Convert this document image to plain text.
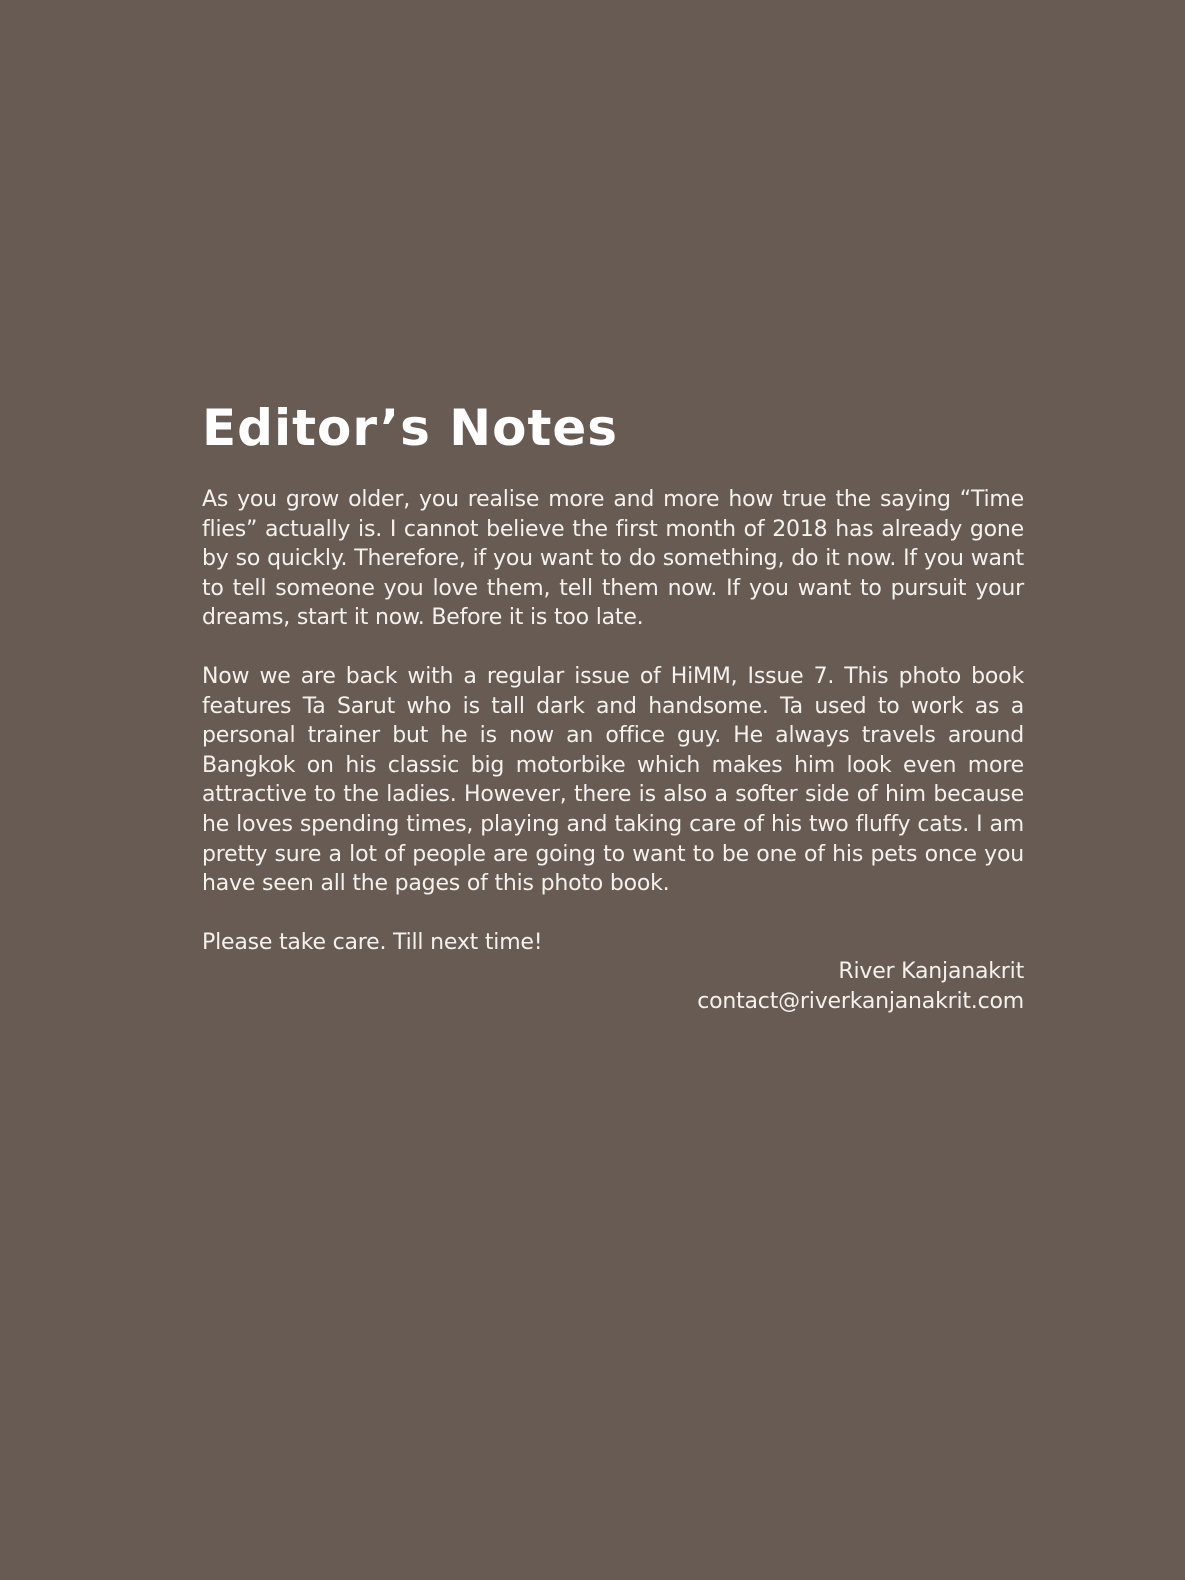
Editor’s Notes

As you grow older, you realise more and more how true the saying “Time flies” actually is. I cannot believe the first month of 2018 has already gone by so quickly. Therefore, if you want to do something, do it now. If you want to tell someone you love them, tell them now. If you want to pursuit your dreams, start it now. Before it is too late.

Now we are back with a regular issue of HiMM, Issue 7. This photo book features Ta Sarut who is tall dark and handsome. Ta used to work as a personal trainer but he is now an office guy. He always travels around Bangkok on his classic big motorbike which makes him look even more attractive to the ladies. However, there is also a softer side of him because he loves spending times, playing and taking care of his two fluffy cats. I am pretty sure a lot of people are going to want to be one of his pets once you have seen all the pages of this photo book.

Please take care. Till next time!

River Kanjanakrit

contact@riverkanjanakrit.com
